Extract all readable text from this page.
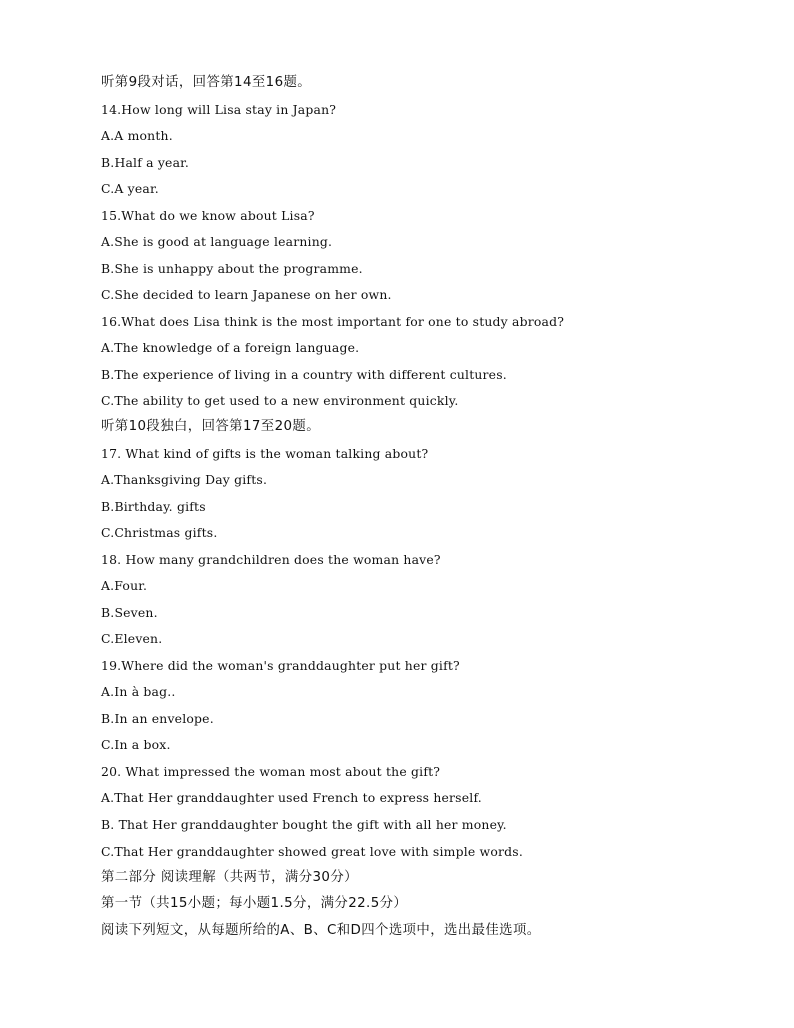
听第9段对话，回答第14至16题。
14.How long will Lisa stay in Japan?
A.A month.
B.Half a year.
C.A year.
15.What do we know about Lisa?
A.She is good at language learning.
B.She is unhappy about the programme.
C.She decided to learn Japanese on her own.
16.What does Lisa think is the most important for one to study abroad?
A.The knowledge of a foreign language.
B.The experience of living in a country with different cultures.
C.The ability to get used to a new environment quickly.
听第10段独白，回答第17至20题。
17. What kind of gifts is the woman talking about?
A.Thanksgiving Day gifts.
B.Birthday. gifts
C.Christmas gifts.
18. How many grandchildren does the woman have?
A.Four.
B.Seven.
C.Eleven.
19.Where did the woman's granddaughter put her gift?
A.In à bag..
B.In an envelope.
C.In a box.
20. What impressed the woman most about the gift?
A.That Her granddaughter used French to express herself.
B. That Her granddaughter bought the gift with all her money.
C.That Her granddaughter showed great love with simple words.
第二部分 阅读理解（共两节，满分30分）
第一节（共15小题；每小题1.5分，满分22.5分）
阅读下列短文，从每题所给的A、B、C和D四个选项中，选出最佳选项。
